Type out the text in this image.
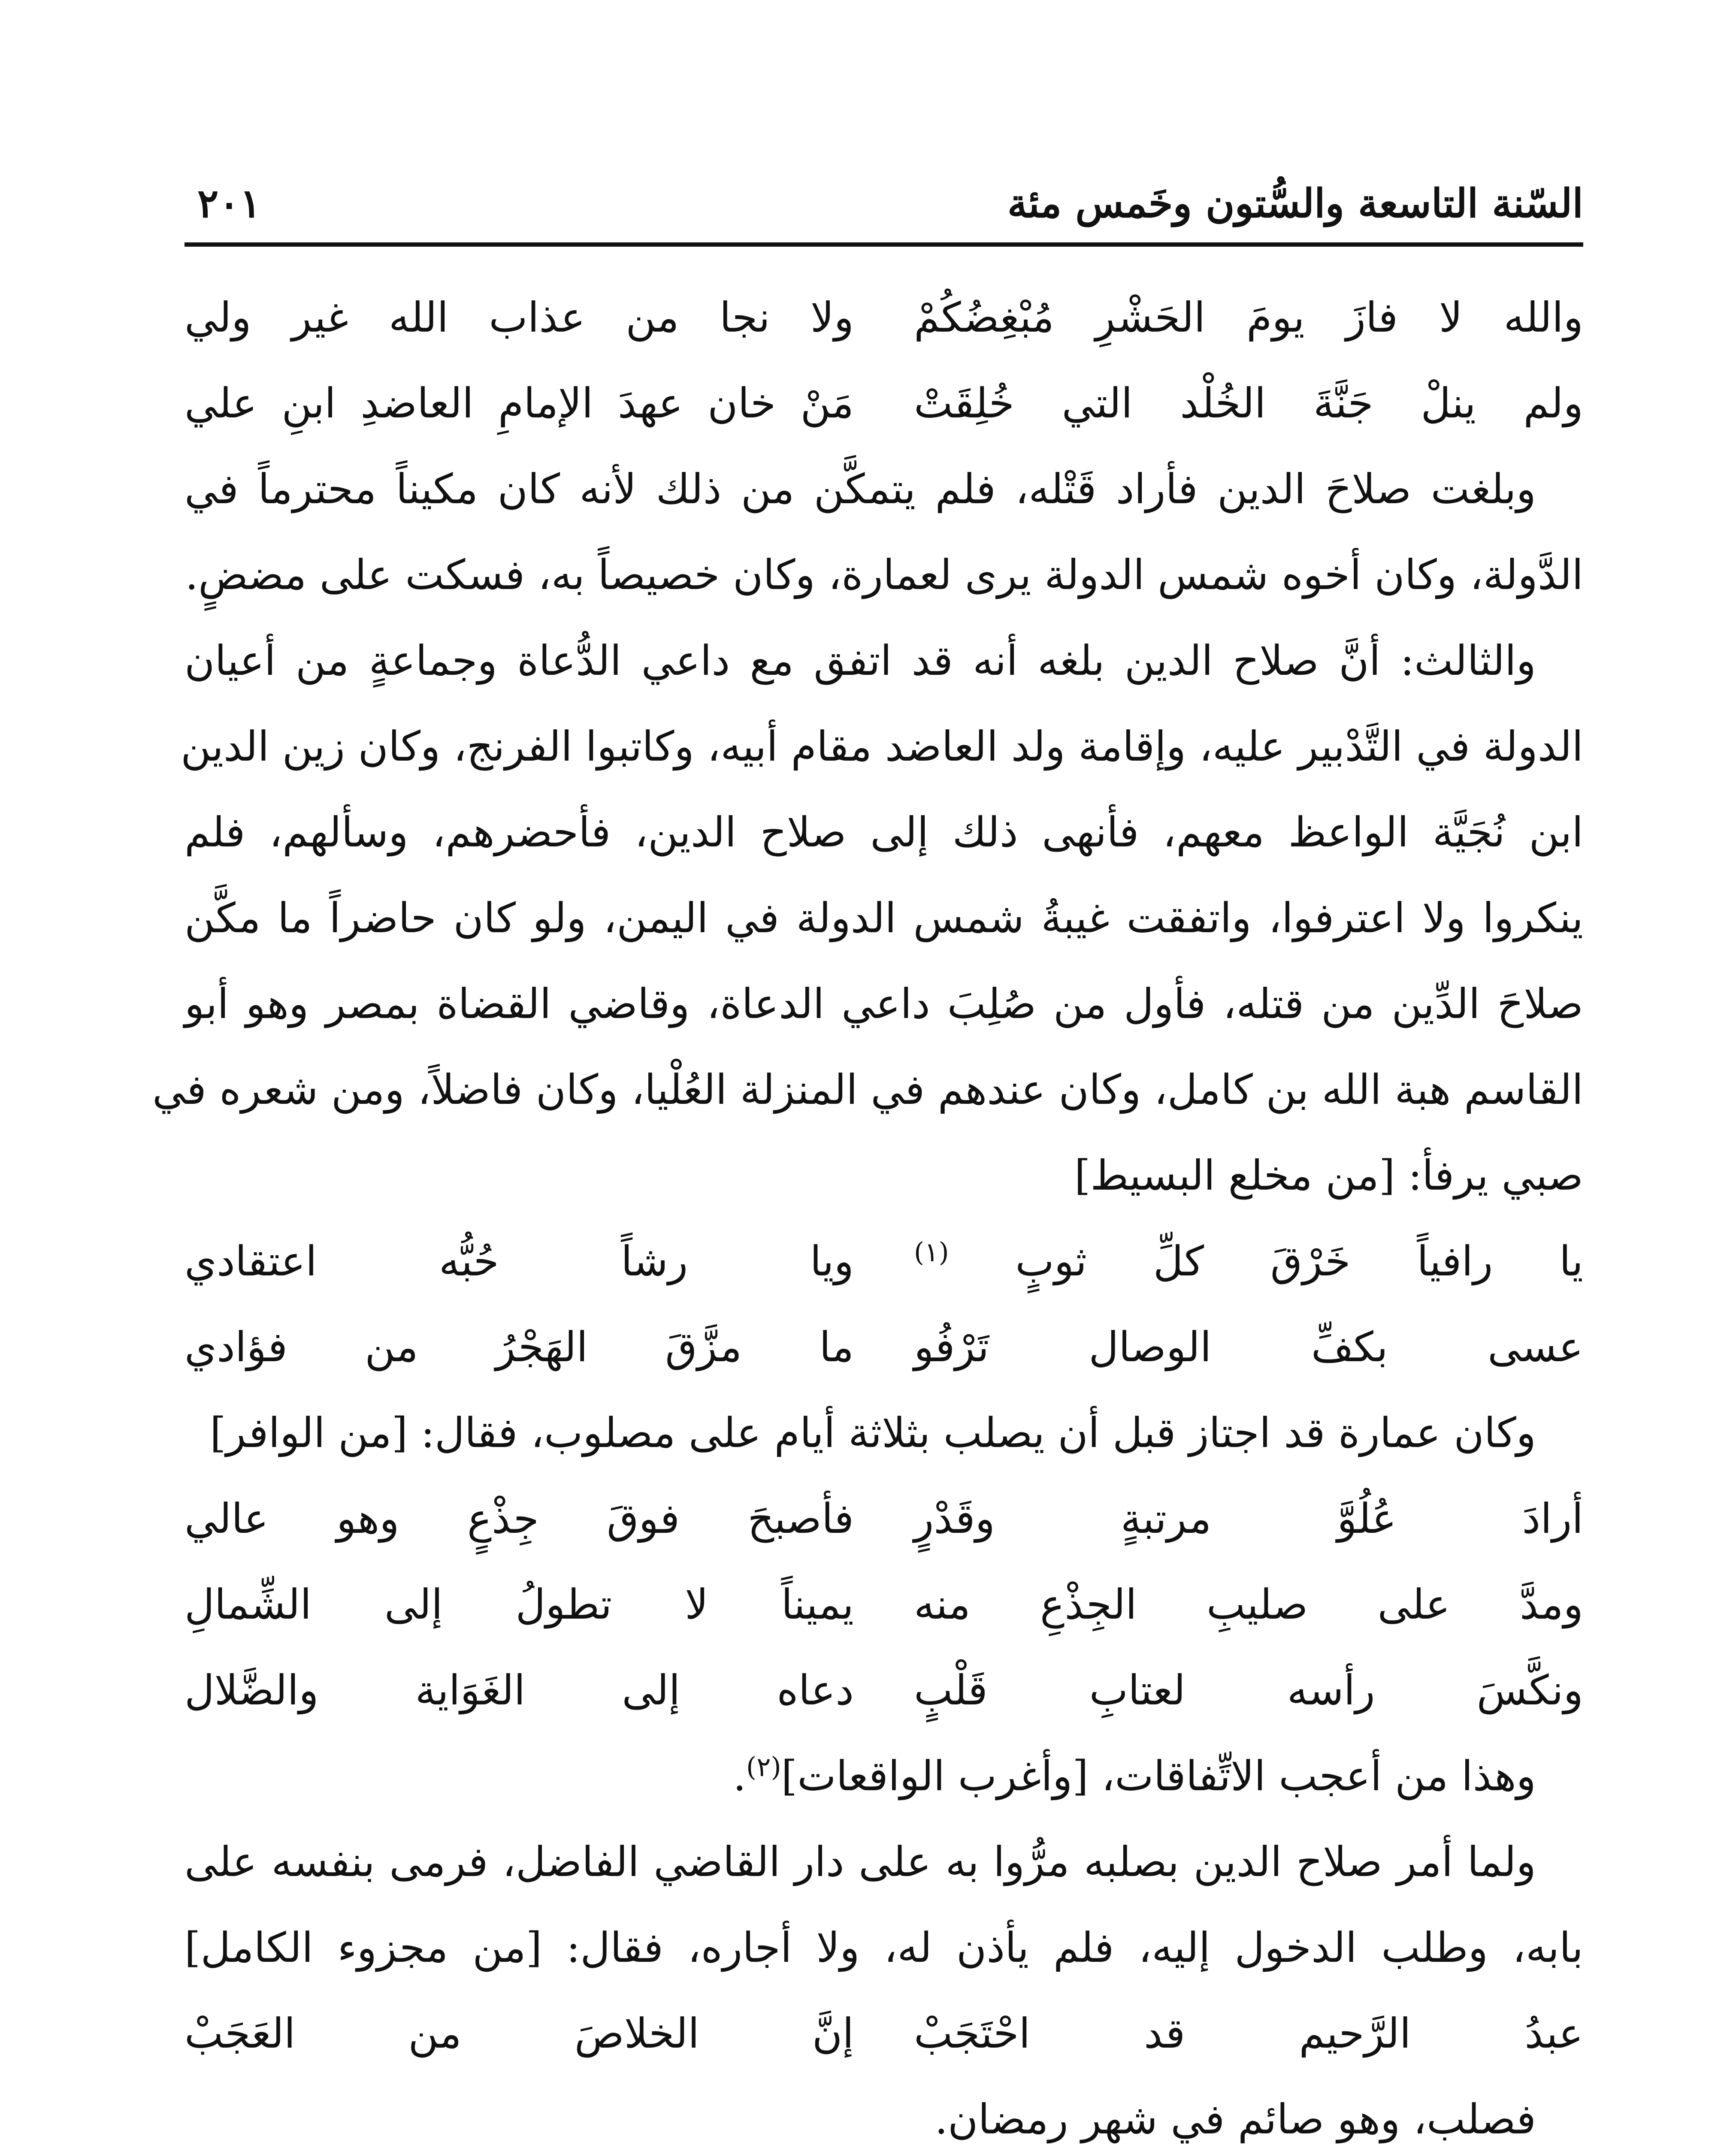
السّنة التاسعة والسُّتون وخَمس مئة
٢٠١
والله لا فازَ يومَ الحَشْرِ مُبْغِضُكُمْ
ولا نجا من عذاب الله غير ولي
ولم ينلْ جَنَّةَ الخُلْد التي خُلِقَتْ
مَنْ خان عهدَ الإمامِ العاضدِ ابنِ علي
وبلغت صلاحَ الدين فأراد قَتْله، فلم يتمكَّن من ذلك لأنه كان مكيناً محترماً في
الدَّولة، وكان أخوه شمس الدولة يرى لعمارة، وكان خصيصاً به، فسكت على مضضٍ.
والثالث: أنَّ صلاح الدين بلغه أنه قد اتفق مع داعي الدُّعاة وجماعةٍ من أعيان
الدولة في التَّدْبير عليه، وإقامة ولد العاضد مقام أبيه، وكاتبوا الفرنج، وكان زين الدين
ابن نُجَيَّة الواعظ معهم، فأنهى ذلك إلى صلاح الدين، فأحضرهم، وسألهم، فلم
ينكروا ولا اعترفوا، واتفقت غيبةُ شمس الدولة في اليمن، ولو كان حاضراً ما مكَّن
صلاحَ الدِّين من قتله، فأول من صُلِبَ داعي الدعاة، وقاضي القضاة بمصر وهو أبو
القاسم هبة الله بن كامل، وكان عندهم في المنزلة العُلْيا، وكان فاضلاً، ومن شعره في
صبي يرفأ: [من مخلع البسيط]
يا رافياً خَرْقَ كلِّ ثوبٍ $^{(١)}$
ويا رشاً حُبُّه اعتقادي
عسى بكفِّ الوصال تَرْفُو
ما مزَّقَ الهَجْرُ من فؤادي
وكان عمارة قد اجتاز قبل أن يصلب بثلاثة أيام على مصلوب، فقال: [من الوافر]
أرادَ عُلُوَّ مرتبةٍ وقَدْرٍ
فأصبحَ فوقَ جِذْعٍ وهو عالي
ومدَّ على صليبِ الجِذْعِ منه
يميناً لا تطولُ إلى الشِّمالِ
ونكَّسَ رأسه لعتابِ قَلْبٍ
دعاه إلى الغَوَاية والضَّلال
وهذا من أعجب الاتِّفاقات، [وأغرب الواقعات]$^{(٢)}$.
ولما أمر صلاح الدين بصلبه مرُّوا به على دار القاضي الفاضل، فرمى بنفسه على
بابه، وطلب الدخول إليه، فلم يأذن له، ولا أجاره، فقال: [من مجزوء الكامل]
عبدُ الرَّحيم قد احْتَجَبْ
إنَّ الخلاصَ من العَجَبْ
فصلب، وهو صائم في شهر رمضان.
